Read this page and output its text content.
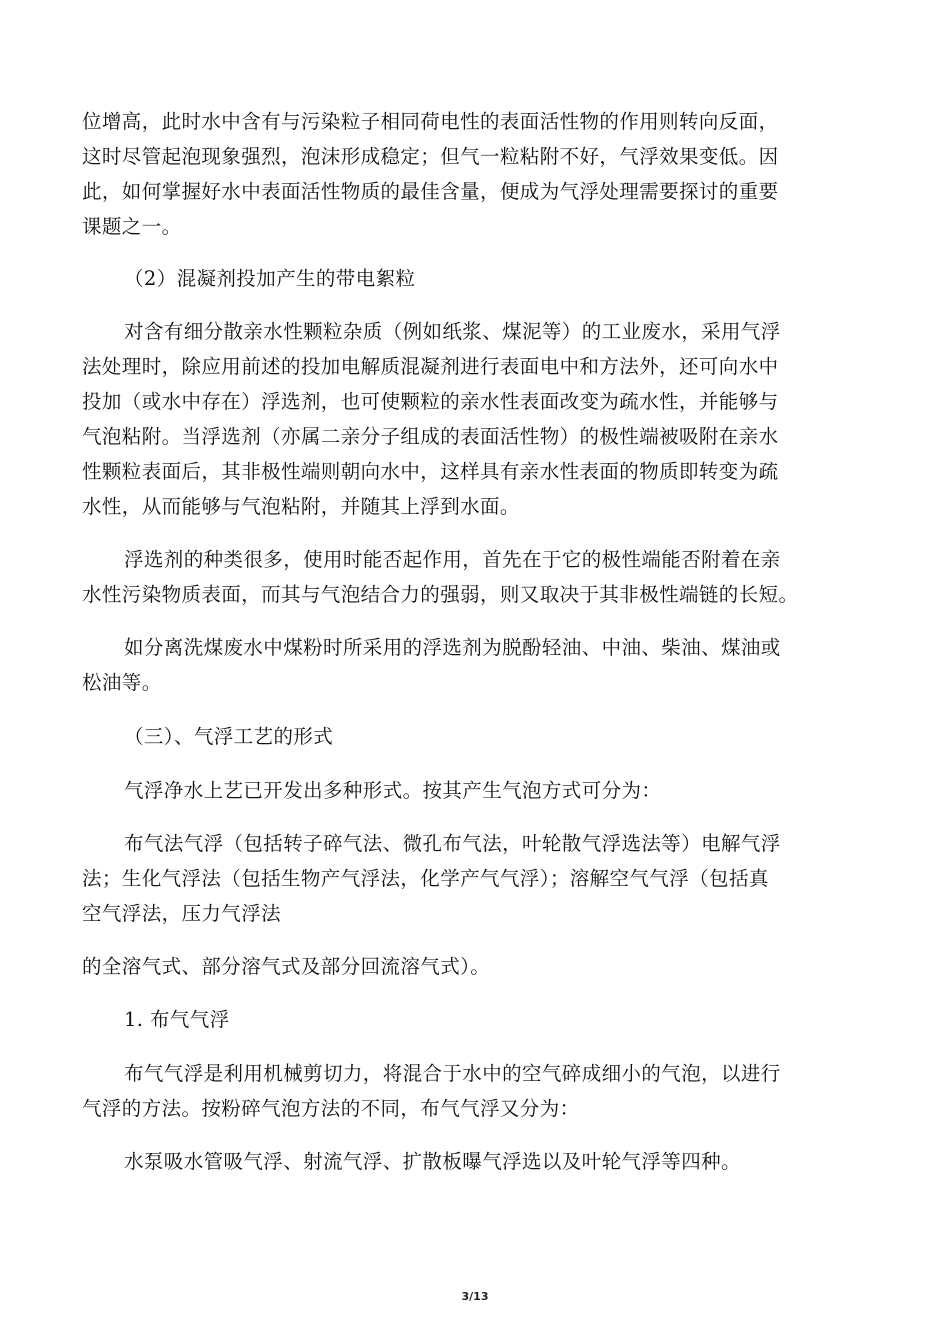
位增高，此时水中含有与污染粒子相同荷电性的表面活性物的作用则转向反面，
这时尽管起泡现象强烈，泡沫形成稳定；但气一粒粘附不好，气浮效果变低。因
此，如何掌握好水中表面活性物质的最佳含量，便成为气浮处理需要探讨的重要
课题之一。
（2）混凝剂投加产生的带电絮粒
对含有细分散亲水性颗粒杂质（例如纸浆、煤泥等）的工业废水，采用气浮
法处理时，除应用前述的投加电解质混凝剂进行表面电中和方法外，还可向水中
投加（或水中存在）浮选剂，也可使颗粒的亲水性表面改变为疏水性，并能够与
气泡粘附。当浮选剂（亦属二亲分子组成的表面活性物）的极性端被吸附在亲水
性颗粒表面后，其非极性端则朝向水中，这样具有亲水性表面的物质即转变为疏
水性，从而能够与气泡粘附，并随其上浮到水面。
浮选剂的种类很多，使用时能否起作用，首先在于它的极性端能否附着在亲
水性污染物质表面，而其与气泡结合力的强弱，则又取决于其非极性端链的长短。
如分离洗煤废水中煤粉时所采用的浮选剂为脱酚轻油、中油、柴油、煤油或
松油等。
（三）、气浮工艺的形式
气浮净水上艺已开发出多种形式。按其产生气泡方式可分为：
布气法气浮（包括转子碎气法、微孔布气法，叶轮散气浮选法等）电解气浮
法；生化气浮法（包括生物产气浮法，化学产气气浮）；溶解空气气浮（包括真
空气浮法，压力气浮法
的全溶气式、部分溶气式及部分回流溶气式）。
1. 布气气浮
布气气浮是利用机械剪切力，将混合于水中的空气碎成细小的气泡，以进行
气浮的方法。按粉碎气泡方法的不同，布气气浮又分为：
水泵吸水管吸气浮、射流气浮、扩散板曝气浮选以及叶轮气浮等四种。
3/13
